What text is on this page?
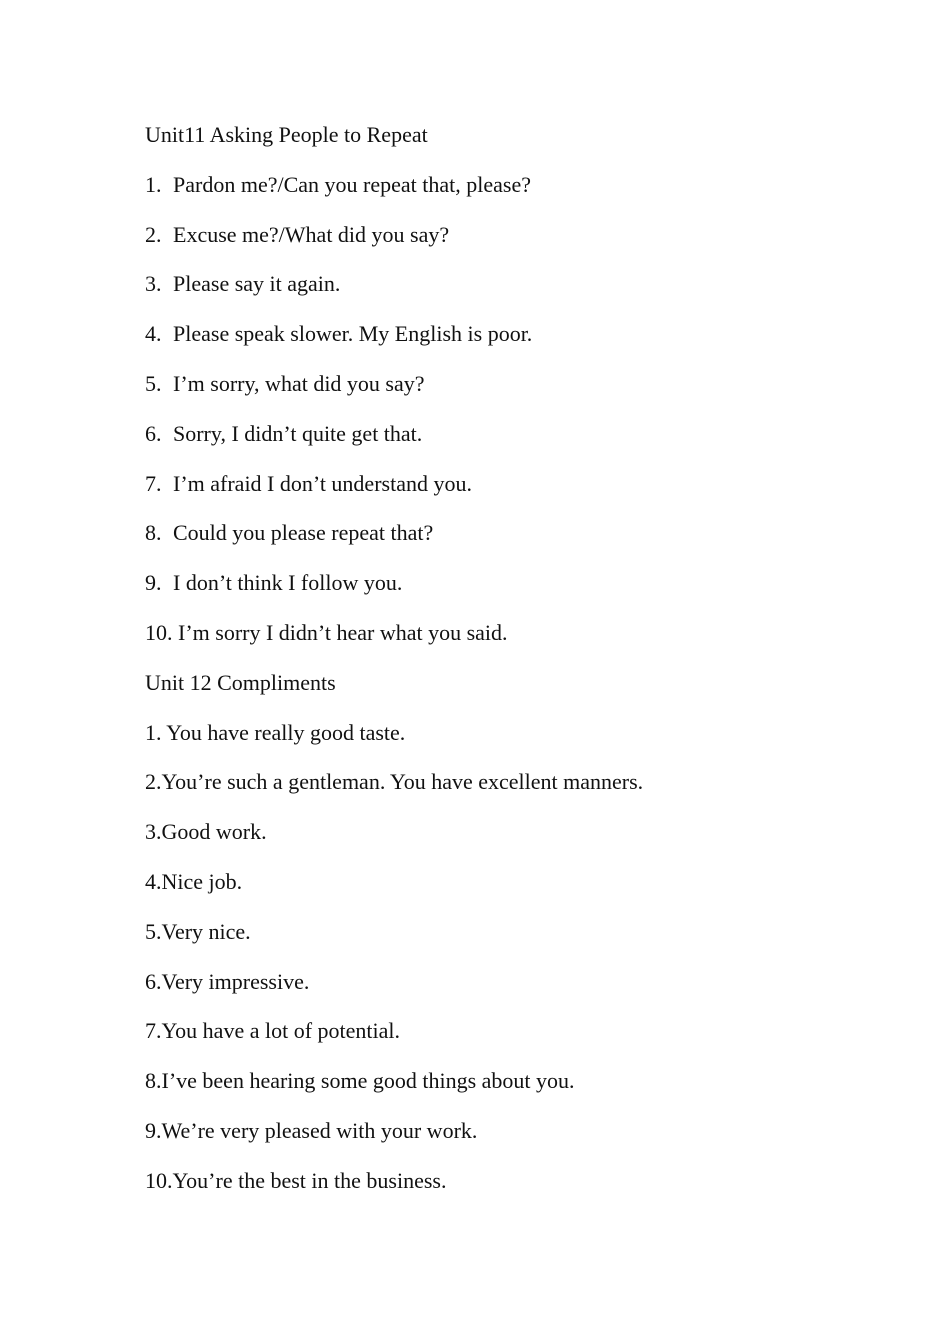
Unit11 Asking People to Repeat
1. Pardon me?/Can you repeat that, please?
2. Excuse me?/What did you say?
3. Please say it again.
4. Please speak slower. My English is poor.
5. I’m sorry, what did you say?
6. Sorry, I didn’t quite get that.
7. I’m afraid I don’t understand you.
8. Could you please repeat that?
9. I don’t think I follow you.
10. I’m sorry I didn’t hear what you said.
Unit 12 Compliments
1. You have really good taste.
2.You’re such a gentleman. You have excellent manners.
3.Good work.
4.Nice job.
5.Very nice.
6.Very impressive.
7.You have a lot of potential.
8.I’ve been hearing some good things about you.
9.We’re very pleased with your work.
10.You’re the best in the business.
